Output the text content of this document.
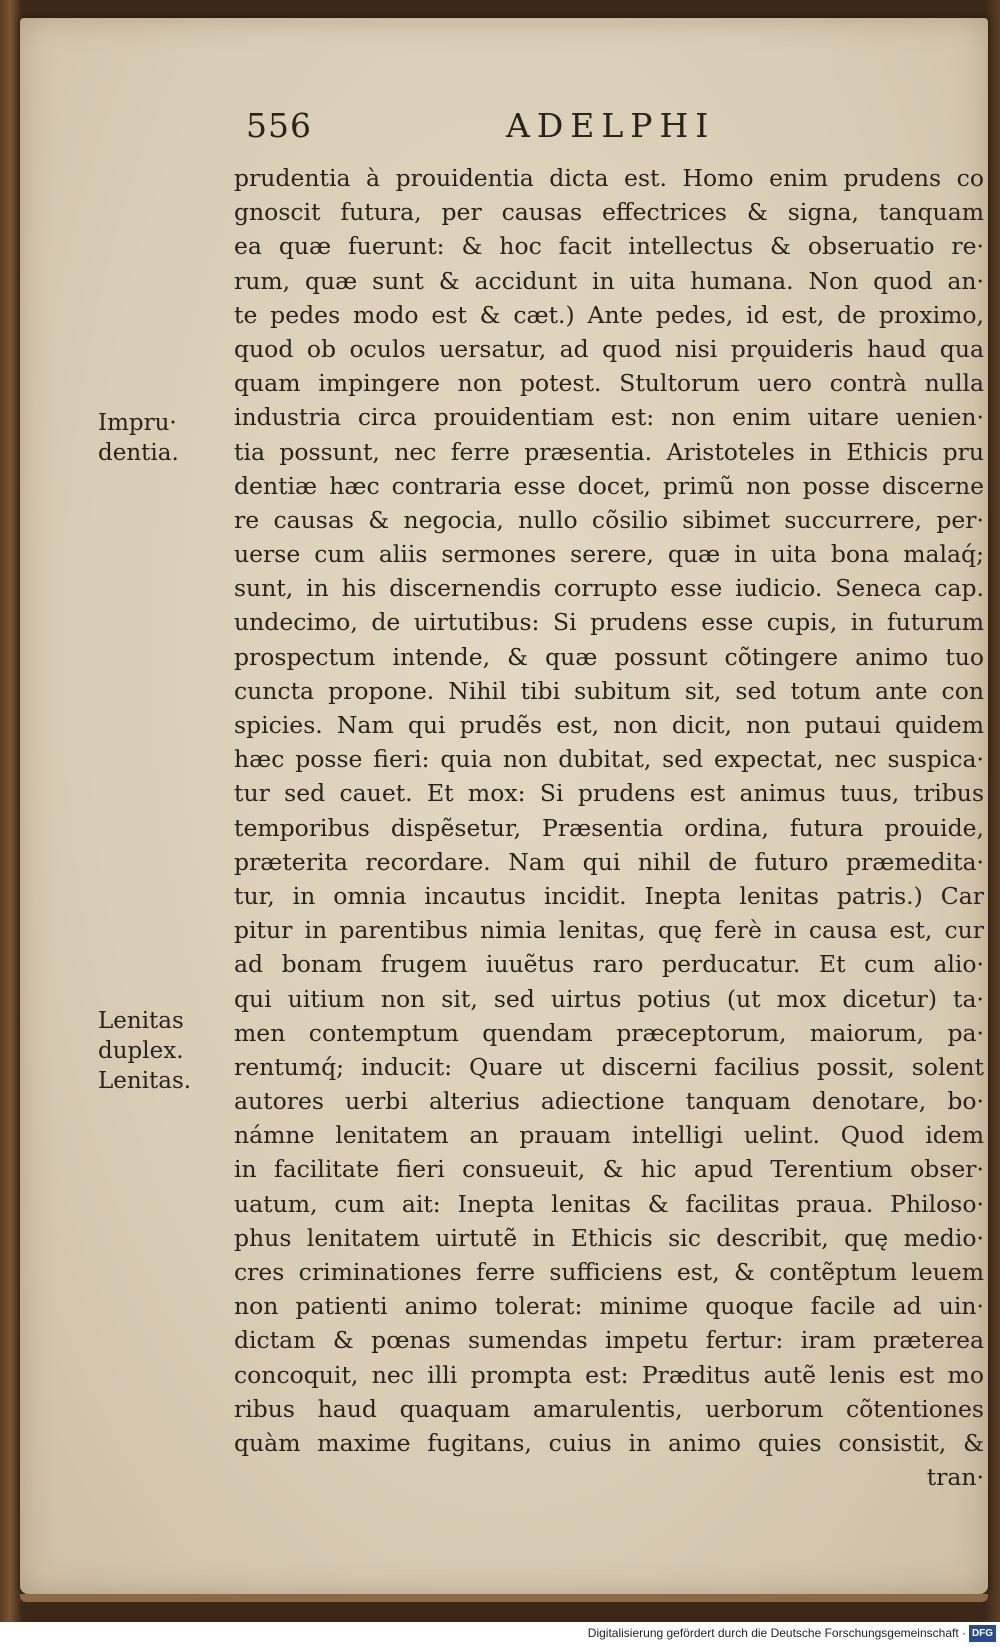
556	ADELPHI
Impru·
dentia.
Lenitas
duplex.
Lenitas.
prudentia à prouidentia dicta est. Homo enim prudens co
gnoscit futura, per causas effectrices & signa, tanquam
ea quæ fuerunt: & hoc facit intellectus & obseruatio re·
rum, quæ sunt & accidunt in uita humana. Non quod an·
te pedes modo est & cæt.) Ante pedes, id est, de proximo,
quod ob oculos uersatur, ad quod nisi prǫuideris haud qua
quam impingere non potest. Stultorum uero contrà nulla
industria circa prouidentiam est: non enim uitare uenien·
tia possunt, nec ferre præsentia. Aristoteles in Ethicis pru
dentiæ hæc contraria esse docet, primũ non posse discerne
re causas & negocia, nullo cõsilio sibimet succurrere, per·
uerse cum aliis sermones serere, quæ in uita bona malaq́;
sunt, in his discernendis corrupto esse iudicio. Seneca cap.
undecimo, de uirtutibus: Si prudens esse cupis, in futurum
prospectum intende, & quæ possunt cõtingere animo tuo
cuncta propone. Nihil tibi subitum sit, sed totum ante con
spicies. Nam qui prudẽs est, non dicit, non putaui quidem
hæc posse fieri: quia non dubitat, sed expectat, nec suspica·
tur sed cauet. Et mox: Si prudens est animus tuus, tribus
temporibus dispẽsetur, Præsentia ordina, futura prouide,
præterita recordare. Nam qui nihil de futuro præmedita·
tur, in omnia incautus incidit. Inepta lenitas patris.) Car
pitur in parentibus nimia lenitas, quę ferè in causa est, cur
ad bonam frugem iuuẽtus raro perducatur. Et cum alio·
qui uitium non sit, sed uirtus potius (ut mox dicetur) ta·
men contemptum quendam præceptorum, maiorum, pa·
rentumq́; inducit: Quare ut discerni facilius possit, solent
autores uerbi alterius adiectione tanquam denotare, bo·
námne lenitatem an prauam intelligi uelint. Quod idem
in facilitate fieri consueuit, & hic apud Terentium obser·
uatum, cum ait: Inepta lenitas & facilitas praua. Philoso·
phus lenitatem uirtutẽ in Ethicis sic describit, quę medio·
cres criminationes ferre sufficiens est, & contẽptum leuem
non patienti animo tolerat: minime quoque facile ad uin·
dictam & pœnas sumendas impetu fertur: iram præterea
concoquit, nec illi prompta est: Præditus autẽ lenis est mo
ribus haud quaquam amarulentis, uerborum cõtentiones
quàm maxime fugitans, cuius in animo quies consistit, &
tran·
Digitalisierung gefördert durch die Deutsche Forschungsgemeinschaft · DFG
